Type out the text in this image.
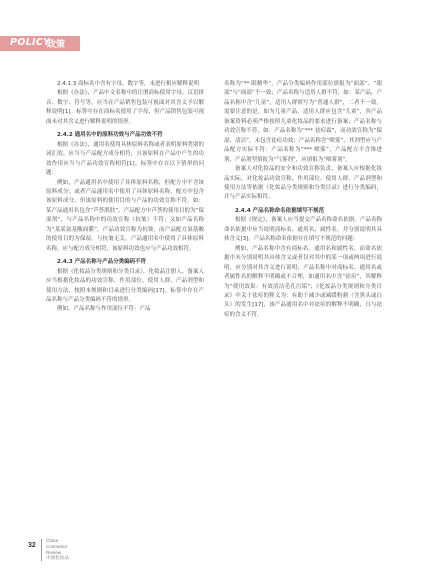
POLICY
政策

2.4.1.3 商标名中含有字母、数字等，未进行相应解释说明

根据《办法》，产品中文名称中的注册商标使用字母、汉语拼音、数字、符号等，应当在产品销售包装可视面对其含义予以解释说明[1]。标签中存在商标名使用了字母，但产品销售包装可视面未对其含义进行解释说明的情形。

2.4.2 通用名中的原料功效与产品功效不符

根据《办法》，通用名使用具体原料名称或者表明原料类别的词汇的，应当与产品配方成分相符，且该原料在产品中产生的功效作用应当与产品功效宣称相符[1]。标签中存在以下情形的问题：

例如，产品通用名中使用了具体原料名称，但配方中不含该原料成分；或者产品通用名中使用了具体原料名称，配方中包含该原料成分，但该原料的使用目的与产品的功效宣称不符。如：某产品通用名包含“芦荟肌肤”，产品配方中芦荟的使用目的为“保湿剂”，与产品名称中的功效宣称（抗皱）不符；又如产品名称为“某某氨基酸面膜”，产品功效宣称为抗皱，而产品配方氨基酸的使用目的为保湿，与抗皱无关。产品通用名中使用了具体原料名称，应与配方成分相符，该原料功效也应与产品功效相符。

2.4.3 产品名称与产品分类编码不符

根据《化妆品分类规则和分类目录》，化妆品注册人、备案人应当根据化妆品的功效宣称、作用部位、使用人群、产品剂型和使用方法，按照本规则和目录进行分类编码[17]。标签中存在产品名称与产品分类编码不符的情形。

例如，产品名称与作用部位不符：产品

名称为“** 眼精华”，产品分类编码作用部位填报为“面部”、“眼部”与“面部”不一致；产品名称与适用人群不符，如：某产品，产品名称中含“儿童”，适用人群填写为“普通人群”，二者不一致。需要注意的是，如为儿童产品，适用人群应包含“儿童”，其产品备案资料必须严格按照儿童化妆品的要求进行备案；产品名称与功效宣称不符，如：产品名称为“*** 祛痘霜”，而功效宣称为“保湿、清洁”，未包含祛痘功效；产品名称含“喷雾”，其剂型应与产品配方实际不符：产品名称为“*** 喷雾”，产品配方不含推进剂，产品剂型填报为“气雾剂”，应填报为“喷雾剂”。

备案人对化妆品的安全和功效宣称负责，备案人应根据化妆品实际，对化妆品功效宣称、作用部位、使用人群、产品剂型和使用方法等依据《化妆品分类规则和分类目录》进行分类编码，并与产品实际相符。

2.4.4 产品名称命名依据填写不规范

根据《规定》，备案人应当提交产品名称命名依据。产品名称命名依据中应当说明商标名、通用名、属性名，并分别说明其具体含义[3]。产品名称命名依据存在填写不规范的问题：

例如，产品名称中含有商标名、通用名和属性名，而命名依据中未分别说明其具体含义或者仅对其中的某一项或两项进行说明，应分别对其含义进行说明；产品名称中对商标名、通用名或者属性名的解释不明确或不合理，如通用名中含“祛痘”，其解释为“使用效果：有效清洁毛孔污垢”；《化妆品分类规则和分类目录》中关于祛痘的释义为：有助于减少或减缓粉刺（含黑头或白头）的发生[17]，该产品通用名中对祛痘的解释不明确，且与祛痘的含义不符。

32
China
Cosmetics
Review
中国化妆品
